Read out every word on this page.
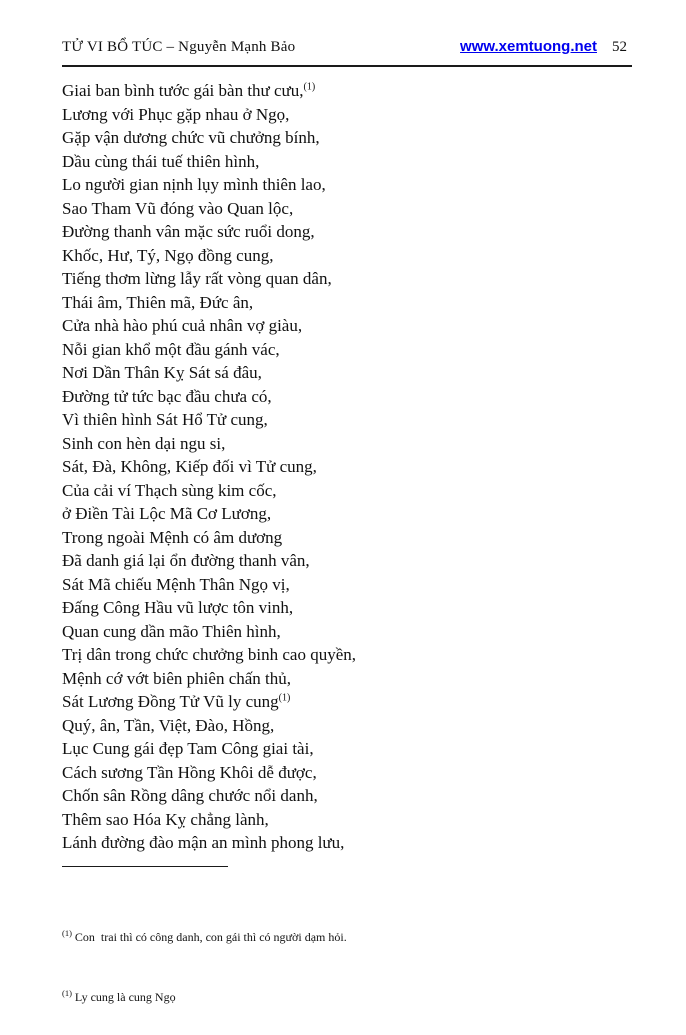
TỬ VI BỔ TÚC – Nguyễn Mạnh Bảo	www.xemtuong.net 52
Giai ban bình tước gái bàn thư cưu,$^{(1)}$
Lương với Phục gặp nhau ở Ngọ,
Gặp vận dương chức vũ chưởng bính,
Dầu cùng thái tuế thiên hình,
Lo người gian nịnh lụy mình thiên lao,
Sao Tham Vũ đóng vào Quan lộc,
Đường thanh vân mặc sức ruổi dong,
Khốc, Hư, Tý, Ngọ đồng cung,
Tiếng thơm lừng lẫy rất vòng quan dân,
Thái âm, Thiên mã, Đức ân,
Cửa nhà hào phú cuả nhân vợ giàu,
Nỗi gian khổ một đầu gánh vác,
Nơi Dần Thân Kỵ Sát sá đâu,
Đường tử tức bạc đầu chưa có,
Vì thiên hình Sát Hổ Tử cung,
Sinh con hèn dại ngu si,
Sát, Đà, Không, Kiếp đối vì Tử cung,
Của cải ví Thạch sùng kim cốc,
ở Điền Tài Lộc Mã Cơ Lương,
Trong ngoài Mệnh có âm dương
Đã danh giá lại ổn đường thanh vân,
Sát Mã chiếu Mệnh Thân Ngọ vị,
Đấng Công Hầu vũ lược tôn vinh,
Quan cung dần mão Thiên hình,
Trị dân trong chức chưởng binh cao quyền,
Mệnh cớ vớt biên phiên chấn thủ,
Sát Lương Đồng Tử Vũ ly cung$^{(1)}$
Quý, ân, Tần, Việt, Đào, Hồng,
Lục Cung gái đẹp Tam Công giai tài,
Cách sương Tần Hồng Khôi dễ được,
Chốn sân Rồng dâng chước nổi danh,
Thêm sao Hóa Kỵ chẳng lành,
Lánh đường đào mận an mình phong lưu,

$^{(1)}$ Con  trai thì có công danh, con gái thì có người dạm hỏi.

$^{(1)}$ Ly cung là cung Ngọ
